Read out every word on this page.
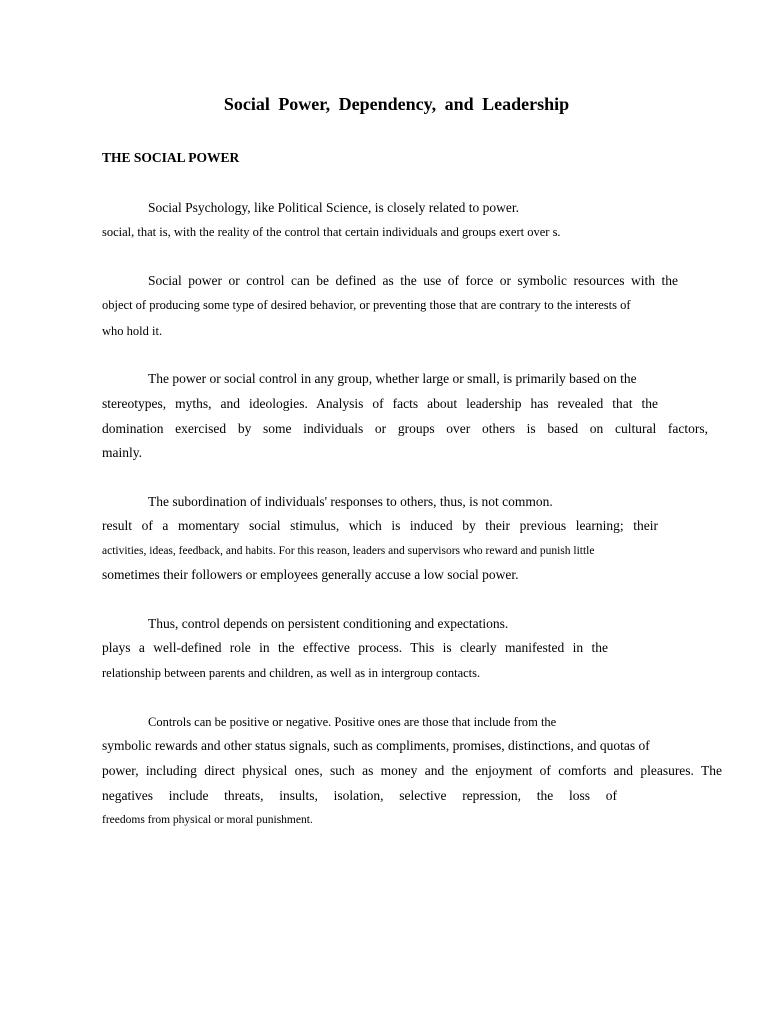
Social Power, Dependency, and Leadership
THE SOCIAL POWER
Social Psychology, like Political Science, is closely related to power.
social, that is, with the reality of the control that certain individuals and groups exert over s.
Social power or control can be defined as the use of force or symbolic resources with the
object of producing some type of desired behavior, or preventing those that are contrary to the interests of
who hold it.
The power or social control in any group, whether large or small, is primarily based on the
stereotypes, myths, and ideologies. Analysis of facts about leadership has revealed that the
domination exercised by some individuals or groups over others is based on cultural factors,
mainly.
The subordination of individuals' responses to others, thus, is not common.
result of a momentary social stimulus, which is induced by their previous learning; their
activities, ideas, feedback, and habits. For this reason, leaders and supervisors who reward and punish little
sometimes their followers or employees generally accuse a low social power.
Thus, control depends on persistent conditioning and expectations.
plays a well-defined role in the effective process. This is clearly manifested in the
relationship between parents and children, as well as in intergroup contacts.
Controls can be positive or negative. Positive ones are those that include from the
symbolic rewards and other status signals, such as compliments, promises, distinctions, and quotas of
power, including direct physical ones, such as money and the enjoyment of comforts and pleasures. The
negatives include threats, insults, isolation, selective repression, the loss of
freedoms from physical or moral punishment.
